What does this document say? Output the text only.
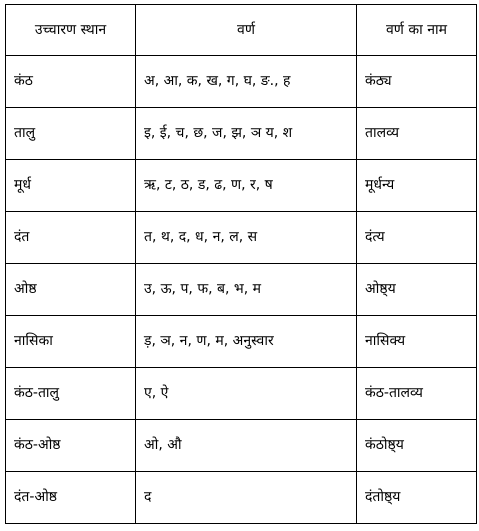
उच्चारण स्थान	वर्ण	वर्ण का नाम
कंठ	अ, आ, क, ख, ग, घ, ङ., ह	कंठ्य
तालु	इ, ई, च, छ, ज, झ, ञ य, श	तालव्य
मूर्ध	ऋ, ट, ठ, ड, ढ, ण, र, ष	मूर्धन्य
दंत	त, थ, द, ध, न, ल, स	दंत्य
ओष्ठ	उ, ऊ, प, फ, ब, भ, म	ओष्ठ्य
नासिका	ड़, ञ, न, ण, म, अनुस्वार	नासिक्य
कंठ-तालु	ए, ऐ	कंठ-तालव्य
कंठ-ओष्ठ	ओ, औ	कंठोष्ठ्य
दंत-ओष्ठ	द	दंतोष्ठ्य
